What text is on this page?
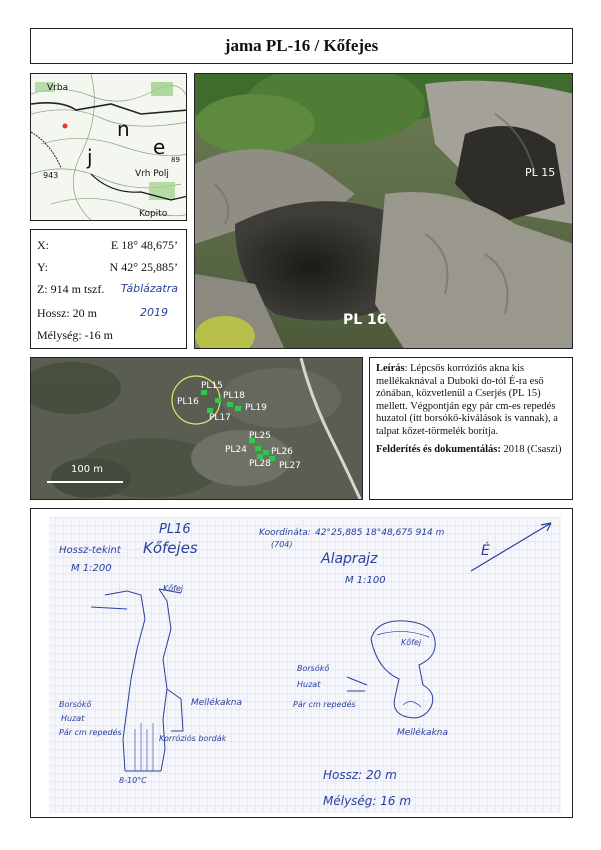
jama PL-16 / Kőfejes
Vrba
j
n
e
943	Vrh Polj
89
Kopito
X:	E 18° 48,675’
Y:	N 42° 25,885’
Z: 914 m tszf. Táblázatra
Hossz: 20 m	2019
Mélység: -16 m
PL 16
PL 15
PL15
PL16
PL18
PL17
PL19
PL25
PL24	PL26
PL28 PL27
100 m
Leírás: Lépcsős korróziós akna kis mellékaknával a Duboki do-tól É-ra eső zónában, közvetlenül a Cserjés (PL 15) mellett. Végpontján egy pár cm-es repedés huzatol (itt borsókő-kiválások is vannak), a talpat kőzet-törmelék borítja.
Felderítés és dokumentálás: 2018 (Csaszi)
PL16
Hossz-tekint Kőfejes
M 1:200
Koordináta: 42°25,885 18°48,675 914 m
(704)
Alaprajz
M 1:100
É
Kőfej
Mellékakna
Borsókő
Huzat
Pár cm repedés
Korróziós bordák
8-10°C
Kőfej
Borsókő
Huzat
Pár cm repedés
Mellékakna
Hossz: 20 m
Mélység: 16 m
